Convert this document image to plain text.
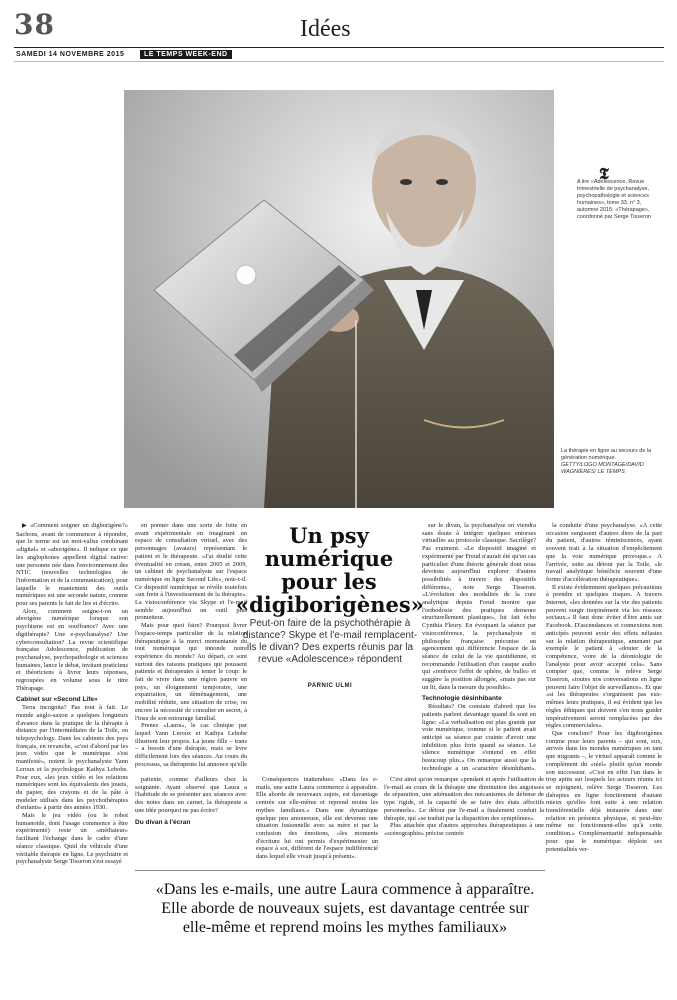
38	Idées
SAMEDI 14 NOVEMBRE 2015	LE TEMPS WEEK-END
𝕿
A lire «Adolescence. Revue trimestrielle de psychanalyse, psychopathologie et sciences humaines», tome 33, n° 3, automne 2015: «Thérapage», coordonné par Serge Tisseron
La thérapie en ligne au secours de la génération numérique.
GETTY/LOGO MONTAGE/DAVID WAGNIÈRES/ LE TEMPS

▶ «Comment soigner un digborigène?» Sachons, avant de commencer à répondre, que le terme est un mot-valise combinant «digital» et «aborigène». Il indique ce que les anglophones appellent digital native: une personne née dans l'environnement des NTIC (nouvelles technologies de l'information et de la communication), pour laquelle le maniement des outils numériques est une seconde nature, comme pour ses parents le fait de lire et d'écrire.

Alors, comment soigne-t-on un aborigène numérique lorsque son psychisme est en souffrance? Avec une digithérapie? Une e-psychanalyse? Une cyberconsultation? La revue scientifique française Adolescence, publication de psychanalyse, psychopathologie et sciences humaines, lance le débat, invitant praticiens et théoriciens à livrer leurs réponses, regroupées en volume sous le titre Thérapage.

Cabinet sur «Second Life»

Terra incognita? Pas tout à fait. Le monde anglo-saxon a quelques longueurs d'avance dans la pratique de la thérapie à distance par l'intermédiaire de la Toile, ou telepsychology. Dans les cabinets des psys français, en revanche, «c'est d'abord par les jeux vidéo que le numérique s'est manifesté», notent le psychanalyste Yann Leroux et la psychologue Kathya Lebobe. Pour eux, «les jeux vidéo et les relations numériques sont les équivalents des jouets, du papier, des crayons et de la pâte à modeler utilisés dans les psychothérapies d'enfants» à partir des années 1930.

Mais le jeu vidéo (ou le robot humanoïde, dont l'usage commence à être expérimenté) reste un «médiateur» facilitant l'échange dans le cadre d'une séance classique. Quid du véhicule d'une véritable thérapie en ligne. Le psychiatre et psychanalyste Serge Tisseron s'est essayé

en ponner dans une sorte de fuite en avant expérimentale en imaginant un espace de consultation virtuel, avec des personnages (avatars) représentant le patient et le thérapeute. «J'ai étudié cette éventualité en créant, entre 2005 et 2009, un cabinet de psychanalyste sur l'espace numérique en ligne Second Life», note-t-il. Ce dispositif numérique se révèle toutefois «un frein à l'investissement de la thérapie». La visioconférence via Skype et l'e-mail semble aujourd'hui un outil plus prometteur.

Mais pour quoi faire? Pourquoi livrer l'espace-temps particulier de la relation thérapeutique à la merci momentanée du tout numérique qui innonde notre expérience du monde? Au départ, ce sont surtout des raisons pratiques qui poussent patients et thérapeutes à tenter le coup: le fait de vivre dans une région pauvre en psys, un éloignement temporaire, une expatriation, un déménagement, une mobilité réduite, une situation de crise, ou encore la nécessité de consulter en secret, à l'insu de son entourage familial.

Prenez «Laura», le cas clinique par lequel Yann Leroux et Kathya Lebobe illustrent leur propos. La jeune fille – trans – a besoin d'une thérapie, mais se livre difficilement lors des séances. Au cours du processus, sa thérapeute lui annonce qu'elle

Un psy numérique pour les «digiborigènes»
Peut-on faire de la psychothérapie à distance? Skype et l'e-mail remplacent-ils le divan? Des experts réunis par la revue «Adolescence» répondent
PARNIC ULMI

patiente, comme d'ailleurs chez la soignante. Ayant observé que Laura a l'habitude de se présenter aux séances avec des notes dans un carnet, la thérapeute a une idée pourquoi ne pas écrire?

Du divan à l'écran

Conséquences inattendues: «Dans les e-mails, une autre Laura commence à apparaître. Elle aborde de nouveaux sujets, est davantage centrée sur elle-même et reprend moins les mythes familiaux.» Dans une dynamique quelque peu amoureuse, elle est devenue une situation fusionnelle avec sa mère et par la confusion des émotions, «les moments d'écriture lui ont permis d'expérimenter un espace à soi, différent de l'espace indifférencié dans lequel elle vivait jusqu'à présent».

C'est ainsi qu'on remarque «pendant et après l'utilisation de l'e-mail au cours de la thérapie une diminution des angoisses de séparation, une atténuation des mécanismes de défense de type rigide, et la capacité de se faire des états affectifs personnels». Le détour par l'e-mail a finalement conduit la thérapie, qui «se traduit par la disparition des symptômes».

Plus attachée que d'autres approches thérapeutiques à une «scénographie» précise centrée

sur le divan, la psychanalyse en viendra sans doute à intégrer quelques entorses virtuelles au protocole classique. Sacrilège? Pas vraiment. «Le dispositif imaginé et expérimenté par Freud n'aurait été qu'un cas particulier d'une théorie générale dont nous devrions aujourd'hui explorer d'autres possibilités à travers des dispositifs différents», note Serge Tisseron. «L'évolution des modalités de la cure analytique depuis Freud montre que l'orthodoxie des pratiques demeure structurellement plastique», lui fait écho Cynthia Fleury. En évoquant la séance par visioconférence, la psychanalyste et philosophe française préconise un agencement qui différencie l'espace de la séance de celui de la vie quotidienne, et recommande l'utilisation d'un casque audio qui «renforce l'effet de sphère, de bulle» et suggère la position allongée, «mais pas sur un lit, dans la mesure du possible».

Technologie désinhibante

Résultats? On constate d'abord que les patients parlent davantage quand ils sont en ligne: «La verbalisation est plus grande par voie numérique, comme si le patient avait anticipé sa séance par crainte d'avoir une inhibition plus forte quand sa séance. Le silence numérique s'entend en effet beaucoup plus.» On remarque aussi que la technologie a un «caractère désinhibant».

la conduite d'une psychanalyse. «A cette occasion surgissent d'autres dires de la part du patient, d'autres réminiscences, ayant souvent trait à la situation d'empêchement que la voie numérique provoque.» A l'arrivée, suite au détour par la Toile, «le travail analytique bénéficie souvent d'une forme d'accélération thérapeutique».

Il existe évidemment quelques précautions à prendre et quelques risques. A travers Internet, «les données sur la vie des patients peuvent surgir inopinément via les réseaux sociaux.» Il faut donc éviter d'être amis sur Facebook. D'ascendances et connexions non anticipés peuvent avoir des effets néfastes sur la relation thérapeutique, amenant par exemple le patient à «douter de la compétence, voire de la déontologie de l'analyste pour avoir accepté cela». Sans compter que, comme le relève Serge Tisseron, «toutes nos conversations en ligne peuvent faire l'objet de surveillance». Et que «si les thérapeutes s'organisent pas eux-mêmes leurs pratiques, il est évident que les règles éthiques qui doivent s'en nous guider impérativement seront remplacées par des règles commerciales».

Que conclure? Pour les digiborigènes comme pour leurs parents – qui sont, eux, arrivés dans les mondes numériques en tant que migrants –, le virtuel apparaît comme le complément du «réel» plutôt qu'un monde son successeur. «C'est en effet l'un dans le trop aptits sur lesquels les acteurs réunis ici se rejoignent, relève Serge Tisseron. Les thérapies en ligne fonctionnent d'autant mieux qu'elles font suite à une relation transférentielle déjà instaurée dans une relation en présence physique, et peut-être même ne fonctionnent-elles qu'à cette condition.» Complémentarité indispensable pour que le numérique déploie ses potentialités ver-

«Dans les e-mails, une autre Laura commence à apparaître. Elle aborde de nouveaux sujets, est davantage centrée sur elle-même et reprend moins les mythes familiaux»
